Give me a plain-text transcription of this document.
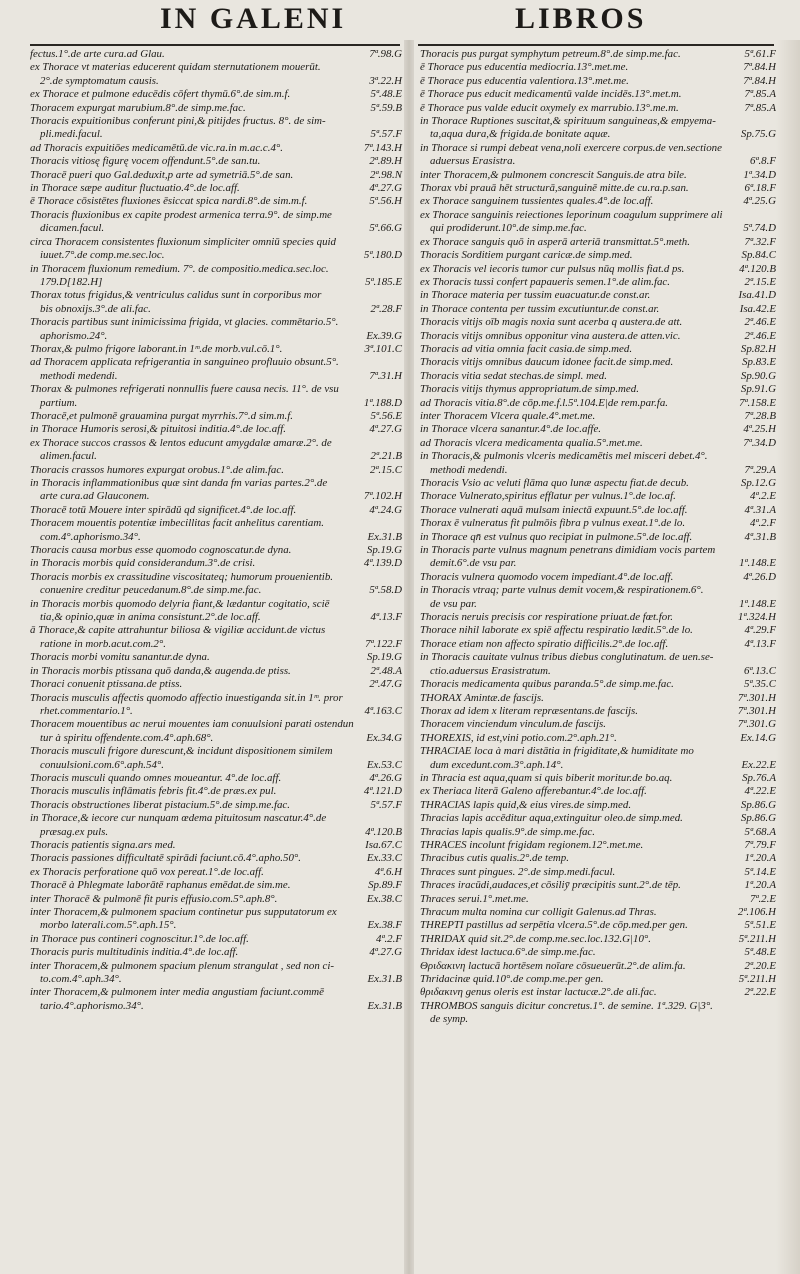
IN GALENI	LIBROS
fectus.1°.de arte cura.ad Glau.	7ª.98.G
ex Thorace vt materias educerent quidam sternutationem mouerūt.
2°.de symptomatum causis.	3ª.22.H
ex Thorace et pulmone educēdis cōfert thymū.6°.de sim.m.f.	5ª.48.E
Thoracem expurgat marubium.8°.de simp.me.fac.	5ª.59.B
Thoracis expuitionibus conferunt pini,& pitijdes fructus. 8°. de sim-
pli.medi.facul.	5ª.57.F
ad Thoracis expuitiōes medicamētū.de vic.ra.in m.ac.c.4°.	7ª.143.H
Thoracis vitiosę figurę vocem offendunt.5°.de san.tu.	2ª.89.H
Thoracē pueri quo Gal.deduxit,p arte ad symetriā.5°.de san.	2ª.98.N
in Thorace sæpe auditur fluctuatio.4°.de loc.aff.	4ª.27.G
ē Thorace cōsistētes fluxiones ēsiccat spica nardi.8°.de sim.m.f.	5ª.56.H
Thoracis fluxionibus ex capite prodest armenica terra.9°. de simp.me
dicamen.facul.	5ª.66.G
circa Thoracem consistentes fluxionum simpliciter omniū species quid
iuuet.7°.de comp.me.sec.loc.	5ª.180.D
in Thoracem fluxionum remedium. 7°. de compositio.medica.sec.loc.
179.D[182.H]	5ª.185.E
Thorax totus frigidus,& ventriculus calidus sunt in corporibus mor
bis obnoxijs.3°.de ali.fac.	2ª.28.F
Thoracis partibus sunt inimicissima frigida, vt glacies. commētario.5°.
aphorismo.24°.	Ex.39.G
Thorax,& pulmo frigore laborant.in 1ᵐ.de morb.vul.cō.1°.	3ª.101.C
ad Thoracem applicata refrigerantia in sanguineo profluuio obsunt.5°.
methodi medendi.	7ª.31.H
Thorax & pulmones refrigerati nonnullis fuere causa necis. 11°. de vsu
partium.	1ª.188.D
Thoracē,et pulmonē grauamina purgat myrrhis.7°.d sim.m.f.	5ª.56.E
in Thorace Humoris serosi,& pituitosi inditia.4°.de loc.aff.	4ª.27.G
ex Thorace succos crassos & lentos educunt amygdalæ amaræ.2°. de
alimen.facul.	2ª.21.B
Thoracis crassos humores expurgat orobus.1°.de alim.fac.	2ª.15.C
in Thoracis inflammationibus quæ sint danda fm varias partes.2°.de
arte cura.ad Glauconem.	7ª.102.H
Thoracē totū Mouere inter spirādū qd significet.4°.de loc.aff.	4ª.24.G
Thoracem mouentis potentiæ imbecillitas facit anhelitus carentiam.
com.4°.aphorismo.34°.	Ex.31.B
Thoracis causa morbus esse quomodo cognoscatur.de dyna.	Sp.19.G
in Thoracis morbis quid considerandum.3°.de crisi.	4ª.139.D
Thoracis morbis ex crassitudine viscositateq; humorum prouenientib.
conuenire creditur peucedanum.8°.de simp.me.fac.	5ª.58.D
in Thoracis morbis quomodo delyria fiant,& lædantur cogitatio, sciē
tia,& opinio,quæ in anima consistunt.2°.de loc.aff.	4ª.13.F
ā Thorace,& capite attrahuntur biliosa & vigiliæ accidunt.de victus
ratione in morb.acut.com.2°.	7ª.122.F
Thoracis morbi vomitu sanantur.de dyna.	Sp.19.G
in Thoracis morbis ptissana quō danda,& augenda.de ptiss.	2ª.48.A
Thoraci conuenit ptissana.de ptiss.	2ª.47.G
Thoracis musculis affectis quomodo affectio inuestiganda sit.in 1ᵐ. pror
rhet.commentario.1°.	4ª.163.C
Thoracem mouentibus ac nerui mouentes iam conuulsioni parati ostendun
tur à spiritu offendente.com.4°.aph.68°.	Ex.34.G
Thoracis musculi frigore durescunt,& incidunt dispositionem similem
conuulsioni.com.6°.aph.54°.	Ex.53.C
Thoracis musculi quando omnes moueantur. 4°.de loc.aff.	4ª.26.G
Thoracis musculis inflāmatis febris fit.4°.de præs.ex pul.	4ª.121.D
Thoracis obstructiones liberat pistacium.5°.de simp.me.fac.	5ª.57.F
in Thorace,& iecore cur nunquam œdema pituitosum nascatur.4°.de
præsag.ex puls.	4ª.120.B
Thoracis patientis signa.ars med.	Isa.67.C
Thoracis passiones difficultatē spirādi faciunt.cō.4°.apho.50°.	Ex.33.C
ex Thoracis perforatione quō vox pereat.1°.de loc.aff.	4ª.6.H
Thoracē à Phlegmate laborātē raphanus emēdat.de sim.me.	Sp.89.F
inter Thoracē & pulmonē fit puris effusio.com.5°.aph.8°.	Ex.38.C
inter Thoracem,& pulmonem spacium continetur pus supputatorum ex
morbo laterali.com.5°.aph.15°.	Ex.38.F
in Thorace pus contineri cognoscitur.1°.de loc.aff.	4ª.2.F
Thoracis puris multitudinis inditia.4°.de loc.aff.	4ª.27.G
inter Thoracem,& pulmonem spacium plenum strangulat , sed non ci-
to.com.4°.aph.34°.	Ex.31.B
inter Thoracem,& pulmonem inter media angustiam faciunt.commē
tario.4°.aphorismo.34°.	Ex.31.B
Thoracis pus purgat symphytum petreum.8°.de simp.me.fac.	5ª.61.F
ē Thorace pus educentia mediocria.13°.met.me.	7ª.84.H
ē Thorace pus educentia valentiora.13°.met.me.	7ª.84.H
ē Thorace pus educit medicamentū valde incidēs.13°.met.m.	7ª.85.A
ē Thorace pus valde educit oxymely ex marrubio.13°.me.m.	7ª.85.A
in Thorace Ruptiones suscitat,& spirituum sanguineas,& empyema-
ta,aqua dura,& frigida.de bonitate aquæ.	Sp.75.G
in Thorace si rumpi debeat vena,noli exercere corpus.de ven.sectione
aduersus Erasistra.	6ª.8.F
inter Thoracem,& pulmonem concrescit Sanguis.de atra bile.	1ª.34.D
Thorax vbi prauā hēt structurā,sanguinē mitte.de cu.ra.p.san.	6ª.18.F
ex Thorace sanguinem tussientes quales.4°.de loc.aff.	4ª.25.G
ex Thorace sanguinis reiectiones leporinum coagulum supprimere ali
qui prodiderunt.10°.de simp.me.fac.	5ª.74.D
ex Thorace sanguis quō in asperā arteriā transmittat.5°.meth.	7ª.32.F
Thoracis Sorditiem purgant caricæ.de simp.med.	Sp.84.C
ex Thoracis vel iecoris tumor cur pulsus nūq mollis fiat.d ps.	4ª.120.B
ex Thoracis tussi confert papaueris semen.1°.de alim.fac.	2ª.15.E
in Thorace materia per tussim euacuatur.de const.ar.	Isa.41.D
in Thorace contenta per tussim excutiuntur.de const.ar.	Isa.42.E
Thoracis vitijs oīb magis noxia sunt acerba q austera.de att.	2ª.46.E
Thoracis vitijs omnibus opponitur vina austera.de atten.vic.	2ª.46.E
Thoracis ad vitia omnia facit casia.de simp.med.	Sp.82.H
Thoracis vitijs omnibus daucum idonee facit.de simp.med.	Sp.83.E
Thoracis vitia sedat stechas.de simpl. med.	Sp.90.G
Thoracis vitijs thymus appropriatum.de simp.med.	Sp.91.G
ad Thoracis vitia.8°.de cōp.me.f.l.5ª.104.E|de rem.par.fa.	7ª.158.E
inter Thoracem Vlcera quale.4°.met.me.	7ª.28.B
in Thorace vlcera sanantur.4°.de loc.affe.	4ª.25.H
ad Thoracis vlcera medicamenta qualia.5°.met.me.	7ª.34.D
in Thoracis,& pulmonis vlceris medicamētis mel misceri debet.4°.
methodi medendi.	7ª.29.A
Thoracis Vsio ac veluti flāma quo lunæ aspectu fiat.de decub.	Sp.12.G
Thorace Vulnerato,spiritus efflatur per vulnus.1°.de loc.af.	4ª.2.E
Thorace vulnerati aquā mulsam iniectā expuunt.5°.de loc.aff.	4ª.31.A
Thorax ē vulneratus fit pulmōis fibra p vulnus exeat.1°.de lo.	4ª.2.F
in Thorace qn̄ est vulnus quo recipiat in pulmone.5°.de loc.aff.	4ª.31.B
in Thoracis parte vulnus magnum penetrans dimidiam vocis partem
demit.6°.de vsu par.	1ª.148.E
Thoracis vulnera quomodo vocem impediant.4°.de loc.aff.	4ª.26.D
in Thoracis vtraq; parte vulnus demit vocem,& respirationem.6°.
de vsu par.	1ª.148.E
Thoracis neruis precisis cor respiratione priuat.de fœt.for.	1ª.324.H
Thorace nihil laborate ex spiē affectu respiratio lædit.5°.de lo.	4ª.29.F
Thorace etiam non affecto spiratio difficilis.2°.de loc.aff.	4ª.13.F
in Thoracis cauitate vulnus tribus diebus conglutinatum. de uen.se-
ctio.aduersus Erasistratum.	6ª.13.C
Thoracis medicamenta quibus paranda.5°.de simp.me.fac.	5ª.35.C
THORAX Amintæ.de fascijs.	7ª.301.H
Thorax ad idem x literam repræsentans.de fascijs.	7ª.301.H
Thoracem vinciendum vinculum.de fascijs.	7ª.301.G
THOREXIS, id est,vini potio.com.2°.aph.21°.	Ex.14.G
THRACIAE loca à mari distātia in frigiditate,& humiditate mo
dum excedunt.com.3°.aph.14°.	Ex.22.E
in Thracia est aqua,quam si quis biberit moritur.de bo.aq.	Sp.76.A
ex Theriaca literā Galeno afferebantur.4°.de loc.aff.	4ª.22.E
THRACIAS lapis quid,& eius vires.de simp.med.	Sp.86.G
Thracias lapis accēditur aqua,extinguitur oleo.de simp.med.	Sp.86.G
Thracias lapis qualis.9°.de simp.me.fac.	5ª.68.A
THRACES incolunt frigidam regionem.12°.met.me.	7ª.79.F
Thracibus cutis qualis.2°.de temp.	1ª.20.A
Thraces sunt pingues. 2°.de simp.medi.facul.	5ª.14.E
Thraces iracūdi,audaces,et cōsiliȳ præcipitis sunt.2°.de tēp.	1ª.20.A
Thraces serui.1°.met.me.	7ª.2.E
Thracum multa nomina cur colligit Galenus.ad Thras.	2ª.106.H
THREPTI pastillus ad serpētia vlcera.5°.de cōp.med.per gen.	5ª.51.E
THRIDAX quid sit.2°.de comp.me.sec.loc.132.G|10°.	5ª.211.H
Thridax idest lactuca.6°.de simp.me.fac.	5ª.48.E
Θριδακινη lactucā hortēsem noīare cōsueuerūt.2°.de alim.fa.	2ª.20.E
Thridacinæ quid.10°.de comp.me.per gen.	5ª.211.H
θριδακινη genus oleris est instar lactucæ.2°.de ali.fac.	2ª.22.E
THROMBOS sanguis dicitur concretus.1°. de semine. 1ª.329. G|3°.
de symp.
